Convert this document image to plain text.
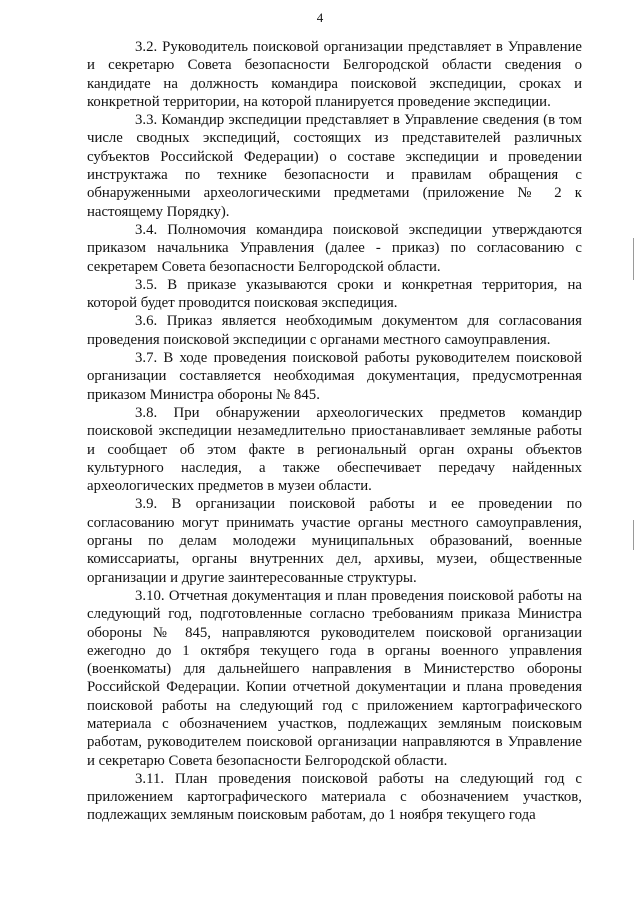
4

3.2. Руководитель поисковой организации представляет в Управление и секретарю Совета безопасности Белгородской области сведения о кандидате на должность командира поисковой экспедиции, сроках и конкретной территории, на которой планируется проведение экспедиции.

3.3. Командир экспедиции представляет в Управление сведения (в том числе сводных экспедиций, состоящих из представителей различных субъектов Российской Федерации) о составе экспедиции и проведении инструктажа по технике безопасности и правилам обращения с обнаруженными археологическими предметами (приложение № 2 к настоящему Порядку).

3.4. Полномочия командира поисковой экспедиции утверждаются приказом начальника Управления (далее - приказ) по согласованию с секретарем Совета безопасности Белгородской области.

3.5. В приказе указываются сроки и конкретная территория, на которой будет проводится поисковая экспедиция.

3.6. Приказ является необходимым документом для согласования проведения поисковой экспедиции с органами местного самоуправления.

3.7. В ходе проведения поисковой работы руководителем поисковой организации составляется необходимая документация, предусмотренная приказом Министра обороны № 845.

3.8. При обнаружении археологических предметов командир поисковой экспедиции незамедлительно приостанавливает земляные работы и сообщает об этом факте в региональный орган охраны объектов культурного наследия, а также обеспечивает передачу найденных археологических предметов в музеи области.

3.9. В организации поисковой работы и ее проведении по согласованию могут принимать участие органы местного самоуправления, органы по делам молодежи муниципальных образований, военные комиссариаты, органы внутренних дел, архивы, музеи, общественные организации и другие заинтересованные структуры.

3.10. Отчетная документация и план проведения поисковой работы на следующий год, подготовленные согласно требованиям приказа Министра обороны № 845, направляются руководителем поисковой организации ежегодно до 1 октября текущего года в органы военного управления (военкоматы) для дальнейшего направления в Министерство обороны Российской Федерации. Копии отчетной документации и плана проведения поисковой работы на следующий год с приложением картографического материала с обозначением участков, подлежащих земляным поисковым работам, руководителем поисковой организации направляются в Управление и секретарю Совета безопасности Белгородской области.

3.11. План проведения поисковой работы на следующий год с приложением картографического материала с обозначением участков, подлежащих земляным поисковым работам, до 1 ноября текущего года
